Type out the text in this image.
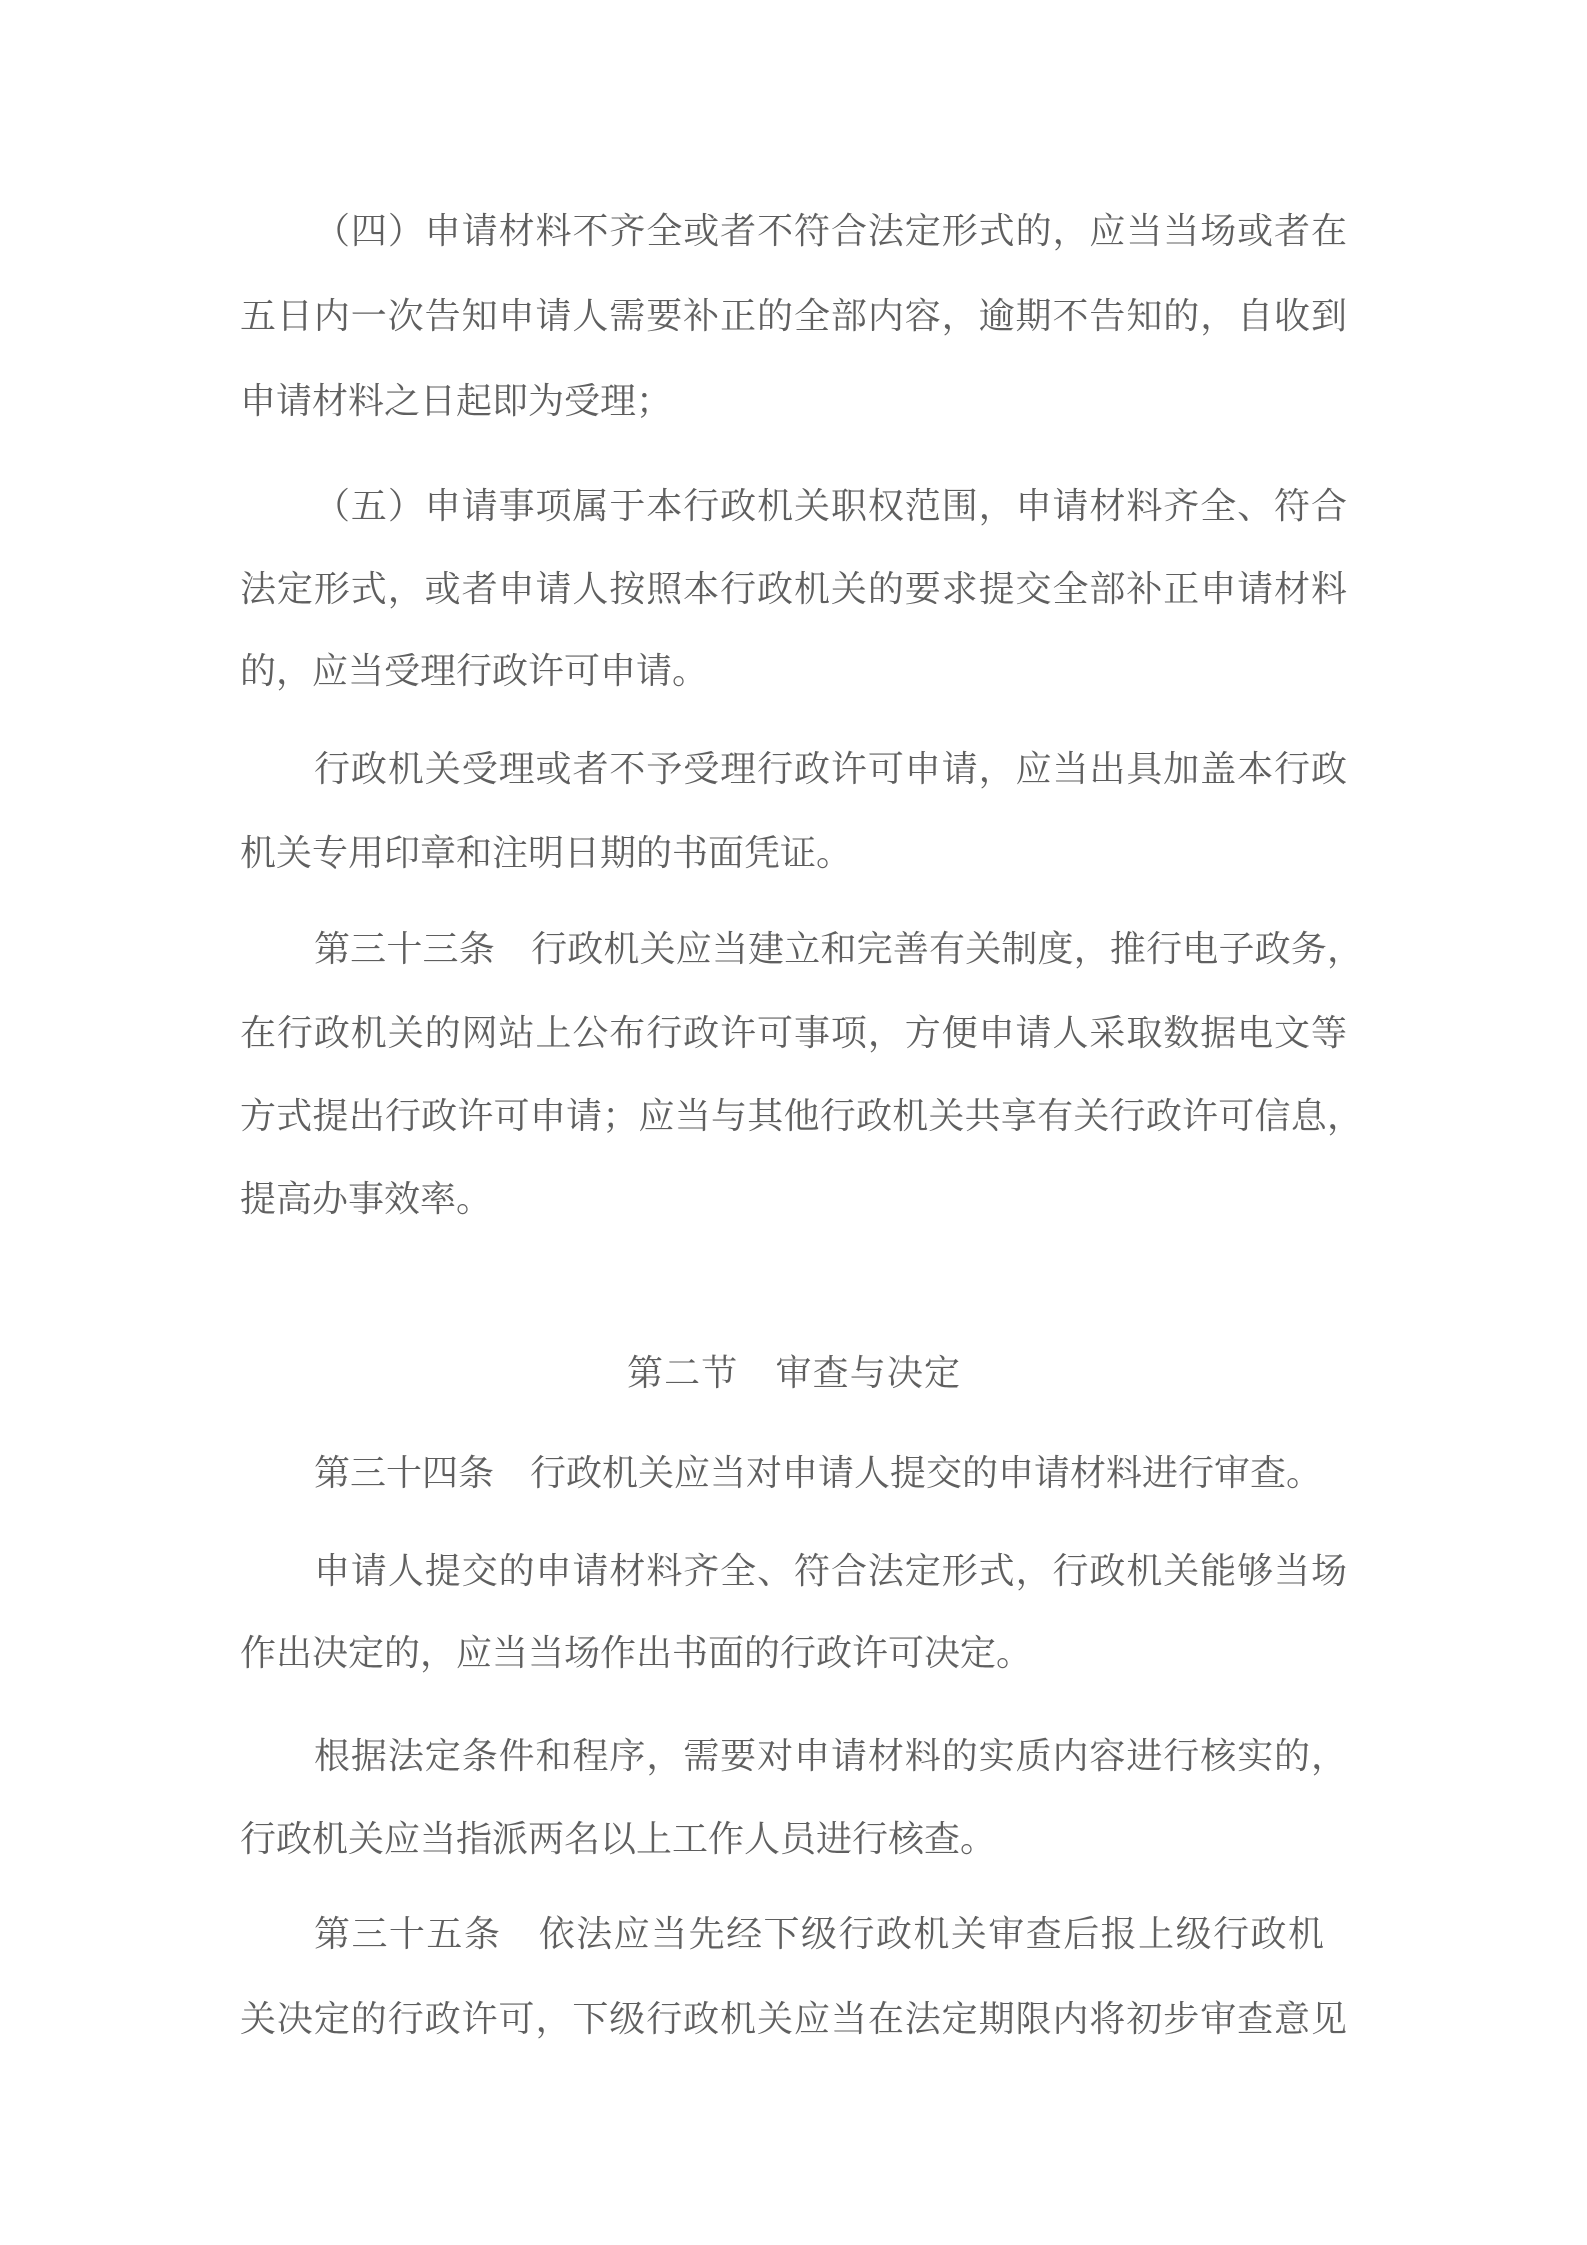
（四）申请材料不齐全或者不符合法定形式的，应当当场或者在
五日内一次告知申请人需要补正的全部内容，逾期不告知的，自收到
申请材料之日起即为受理；
（五）申请事项属于本行政机关职权范围，申请材料齐全、符合
法定形式，或者申请人按照本行政机关的要求提交全部补正申请材料
的，应当受理行政许可申请。
行政机关受理或者不予受理行政许可申请，应当出具加盖本行政
机关专用印章和注明日期的书面凭证。
第三十三条 行政机关应当建立和完善有关制度，推行电子政务，
在行政机关的网站上公布行政许可事项，方便申请人采取数据电文等
方式提出行政许可申请；应当与其他行政机关共享有关行政许可信息，
提高办事效率。
第二节 审查与决定
第三十四条 行政机关应当对申请人提交的申请材料进行审查。
申请人提交的申请材料齐全、符合法定形式，行政机关能够当场
作出决定的，应当当场作出书面的行政许可决定。
根据法定条件和程序，需要对申请材料的实质内容进行核实的，
行政机关应当指派两名以上工作人员进行核查。
第三十五条 依法应当先经下级行政机关审查后报上级行政机
关决定的行政许可，下级行政机关应当在法定期限内将初步审查意见
